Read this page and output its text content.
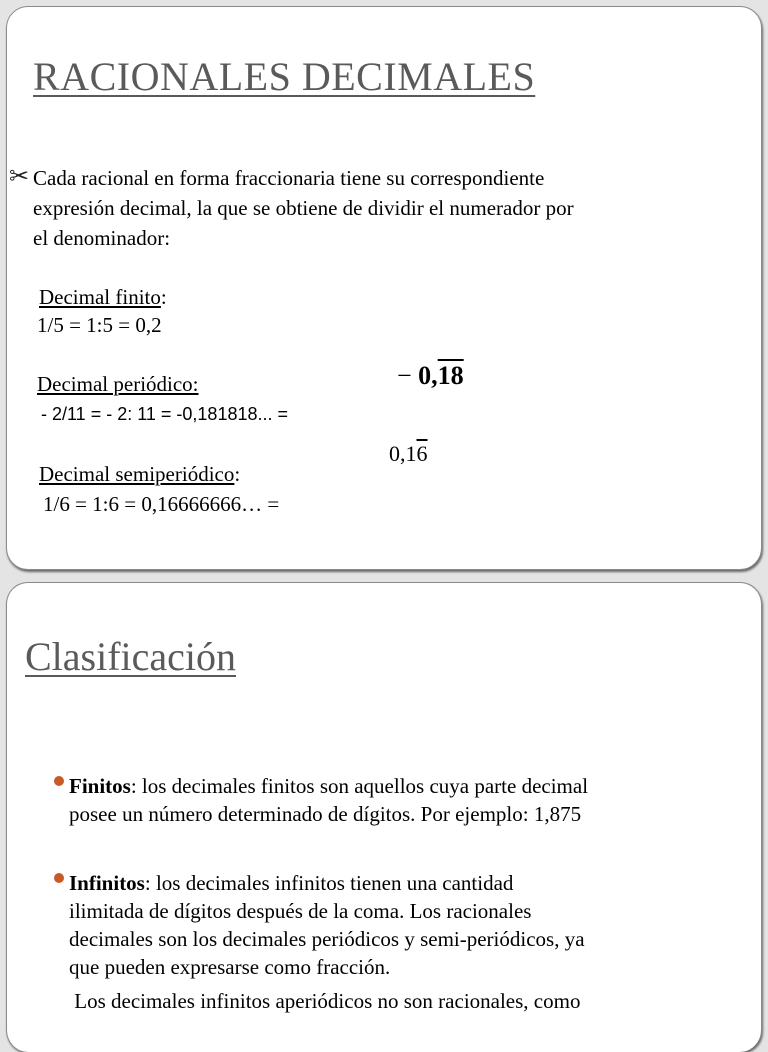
RACIONALES DECIMALES
✂ Cada racional en forma fraccionaria tiene su correspondiente
expresión decimal, la que se obtiene de dividir el numerador por
el denominador:
Decimal finito:
1/5 = 1:5 = 0,2
Decimal periódico:
- 2/11 = - 2: 11 = -0,181818... =
− 0,18
Decimal semiperiódico:
1/6 = 1:6 = 0,16666666… =
0,16
Clasificación
Finitos: los decimales finitos son aquellos cuya parte decimal
posee un número determinado de dígitos. Por ejemplo: 1,875
Infinitos: los decimales infinitos tienen una cantidad
ilimitada de dígitos después de la coma. Los racionales
decimales son los decimales periódicos y semi-periódicos, ya
que pueden expresarse como fracción.
Los decimales infinitos aperiódicos no son racionales, como
